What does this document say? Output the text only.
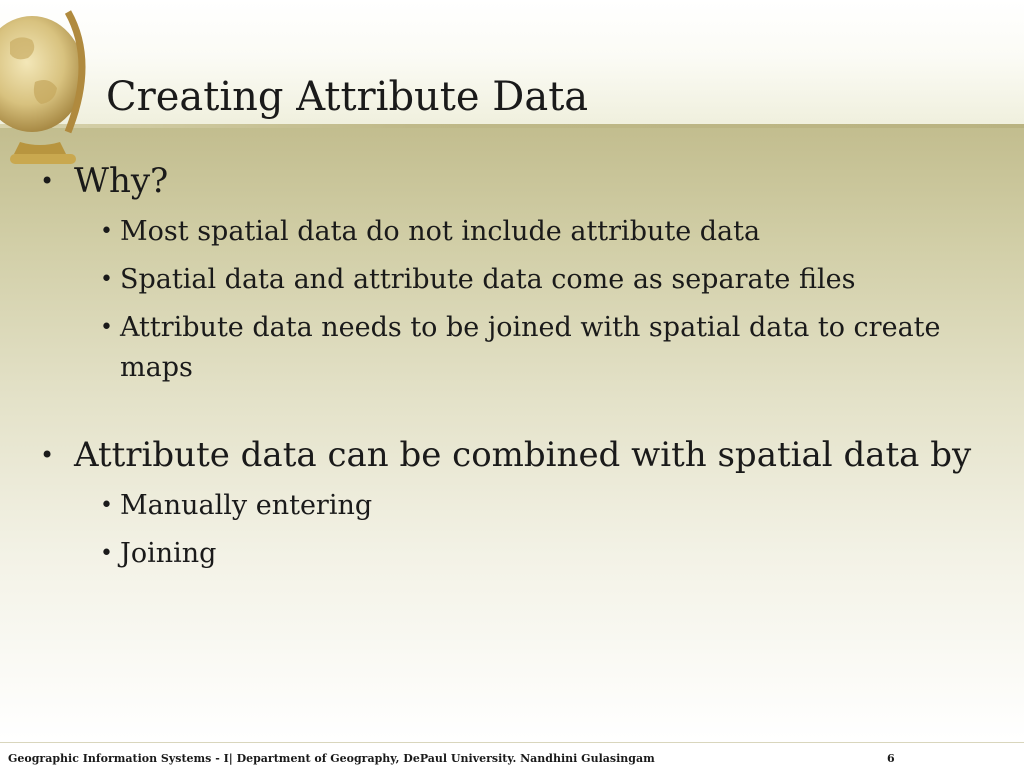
Creating Attribute Data
• Why?
• Most spatial data do not include attribute data
• Spatial data and attribute data come as separate files
• Attribute data needs to be joined with spatial data to create maps
• Attribute data can be combined with spatial data by
• Manually entering
• Joining
Geographic Information Systems - I| Department of Geography, DePaul University. Nandhini Gulasingam	6
